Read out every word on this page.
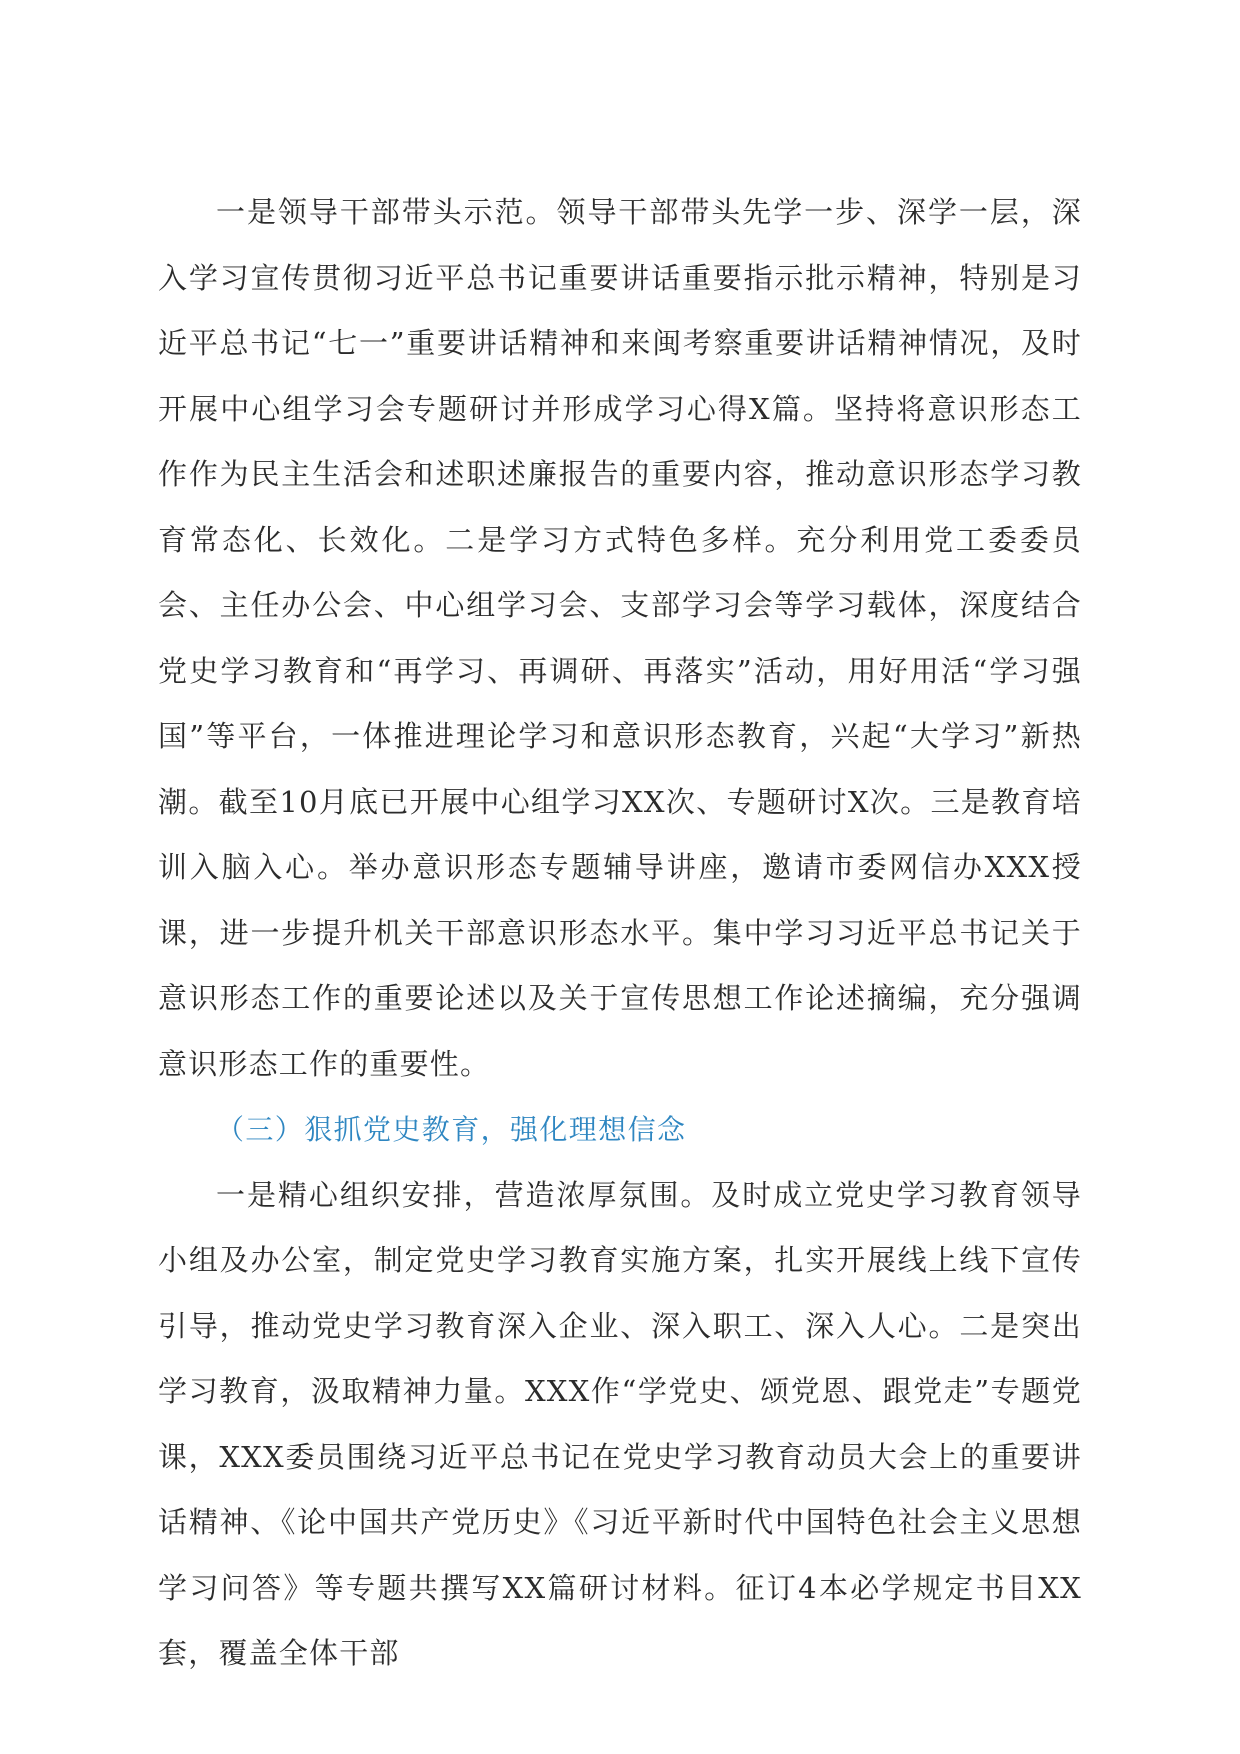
一是领导干部带头示范。领导干部带头先学一步、深学一层，深入学习宣传贯彻习近平总书记重要讲话重要指示批示精神，特别是习近平总书记“七一”重要讲话精神和来闽考察重要讲话精神情况，及时开展中心组学习会专题研讨并形成学习心得X篇。坚持将意识形态工作作为民主生活会和述职述廉报告的重要内容，推动意识形态学习教育常态化、长效化。二是学习方式特色多样。充分利用党工委委员会、主任办公会、中心组学习会、支部学习会等学习载体，深度结合党史学习教育和“再学习、再调研、再落实”活动，用好用活“学习强国”等平台，一体推进理论学习和意识形态教育，兴起“大学习”新热潮。截至10月底已开展中心组学习XX次、专题研讨X次。三是教育培训入脑入心。举办意识形态专题辅导讲座，邀请市委网信办XXX授课，进一步提升机关干部意识形态水平。集中学习习近平总书记关于意识形态工作的重要论述以及关于宣传思想工作论述摘编，充分强调意识形态工作的重要性。

（三）狠抓党史教育，强化理想信念

一是精心组织安排，营造浓厚氛围。及时成立党史学习教育领导小组及办公室，制定党史学习教育实施方案，扎实开展线上线下宣传引导，推动党史学习教育深入企业、深入职工、深入人心。二是突出学习教育，汲取精神力量。XXX作“学党史、颂党恩、跟党走”专题党课，XXX委员围绕习近平总书记在党史学习教育动员大会上的重要讲话精神、《论中国共产党历史》《习近平新时代中国特色社会主义思想学习问答》等专题共撰写XX篇研讨材料。征订4本必学规定书目XX套，覆盖全体干部
